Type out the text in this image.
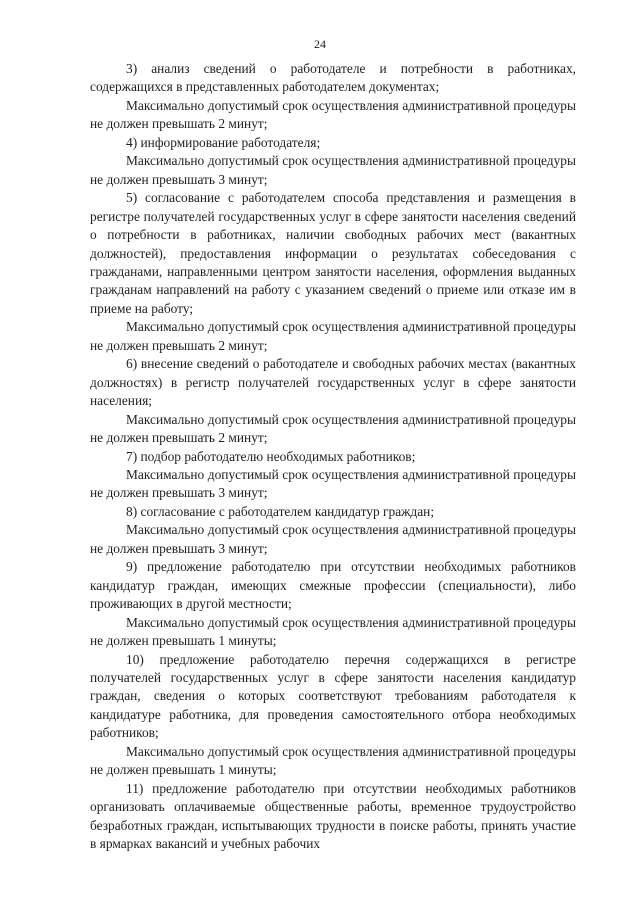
24

3) анализ сведений о работодателе и потребности в работниках, содержащихся в представленных работодателем документах;

Максимально допустимый срок осуществления административной процедуры не должен превышать 2 минут;

4) информирование работодателя;

Максимально допустимый срок осуществления административной процедуры не должен превышать 3 минут;

5) согласование с работодателем способа представления и размещения в регистре получателей государственных услуг в сфере занятости населения сведений о потребности в работниках, наличии свободных рабочих мест (вакантных должностей), предоставления информации о результатах собеседования с гражданами, направленными центром занятости населения, оформления выданных гражданам направлений на работу с указанием сведений о приеме или отказе им в приеме на работу;

Максимально допустимый срок осуществления административной процедуры не должен превышать 2 минут;

6) внесение сведений о работодателе и свободных рабочих местах (вакантных должностях) в регистр получателей государственных услуг в сфере занятости населения;

Максимально допустимый срок осуществления административной процедуры не должен превышать 2 минут;

7) подбор работодателю необходимых работников;

Максимально допустимый срок осуществления административной процедуры не должен превышать 3 минут;

8) согласование с работодателем кандидатур граждан;

Максимально допустимый срок осуществления административной процедуры не должен превышать 3 минут;

9) предложение работодателю при отсутствии необходимых работников кандидатур граждан, имеющих смежные профессии (специальности), либо проживающих в другой местности;

Максимально допустимый срок осуществления административной процедуры не должен превышать 1 минуты;

10) предложение работодателю перечня содержащихся в регистре получателей государственных услуг в сфере занятости населения кандидатур граждан, сведения о которых соответствуют требованиям работодателя к кандидатуре работника, для проведения самостоятельного отбора необходимых работников;

Максимально допустимый срок осуществления административной процедуры не должен превышать 1 минуты;

11) предложение работодателю при отсутствии необходимых работников организовать оплачиваемые общественные работы, временное трудоустройство безработных граждан, испытывающих трудности в поиске работы, принять участие в ярмарках вакансий и учебных рабочих
